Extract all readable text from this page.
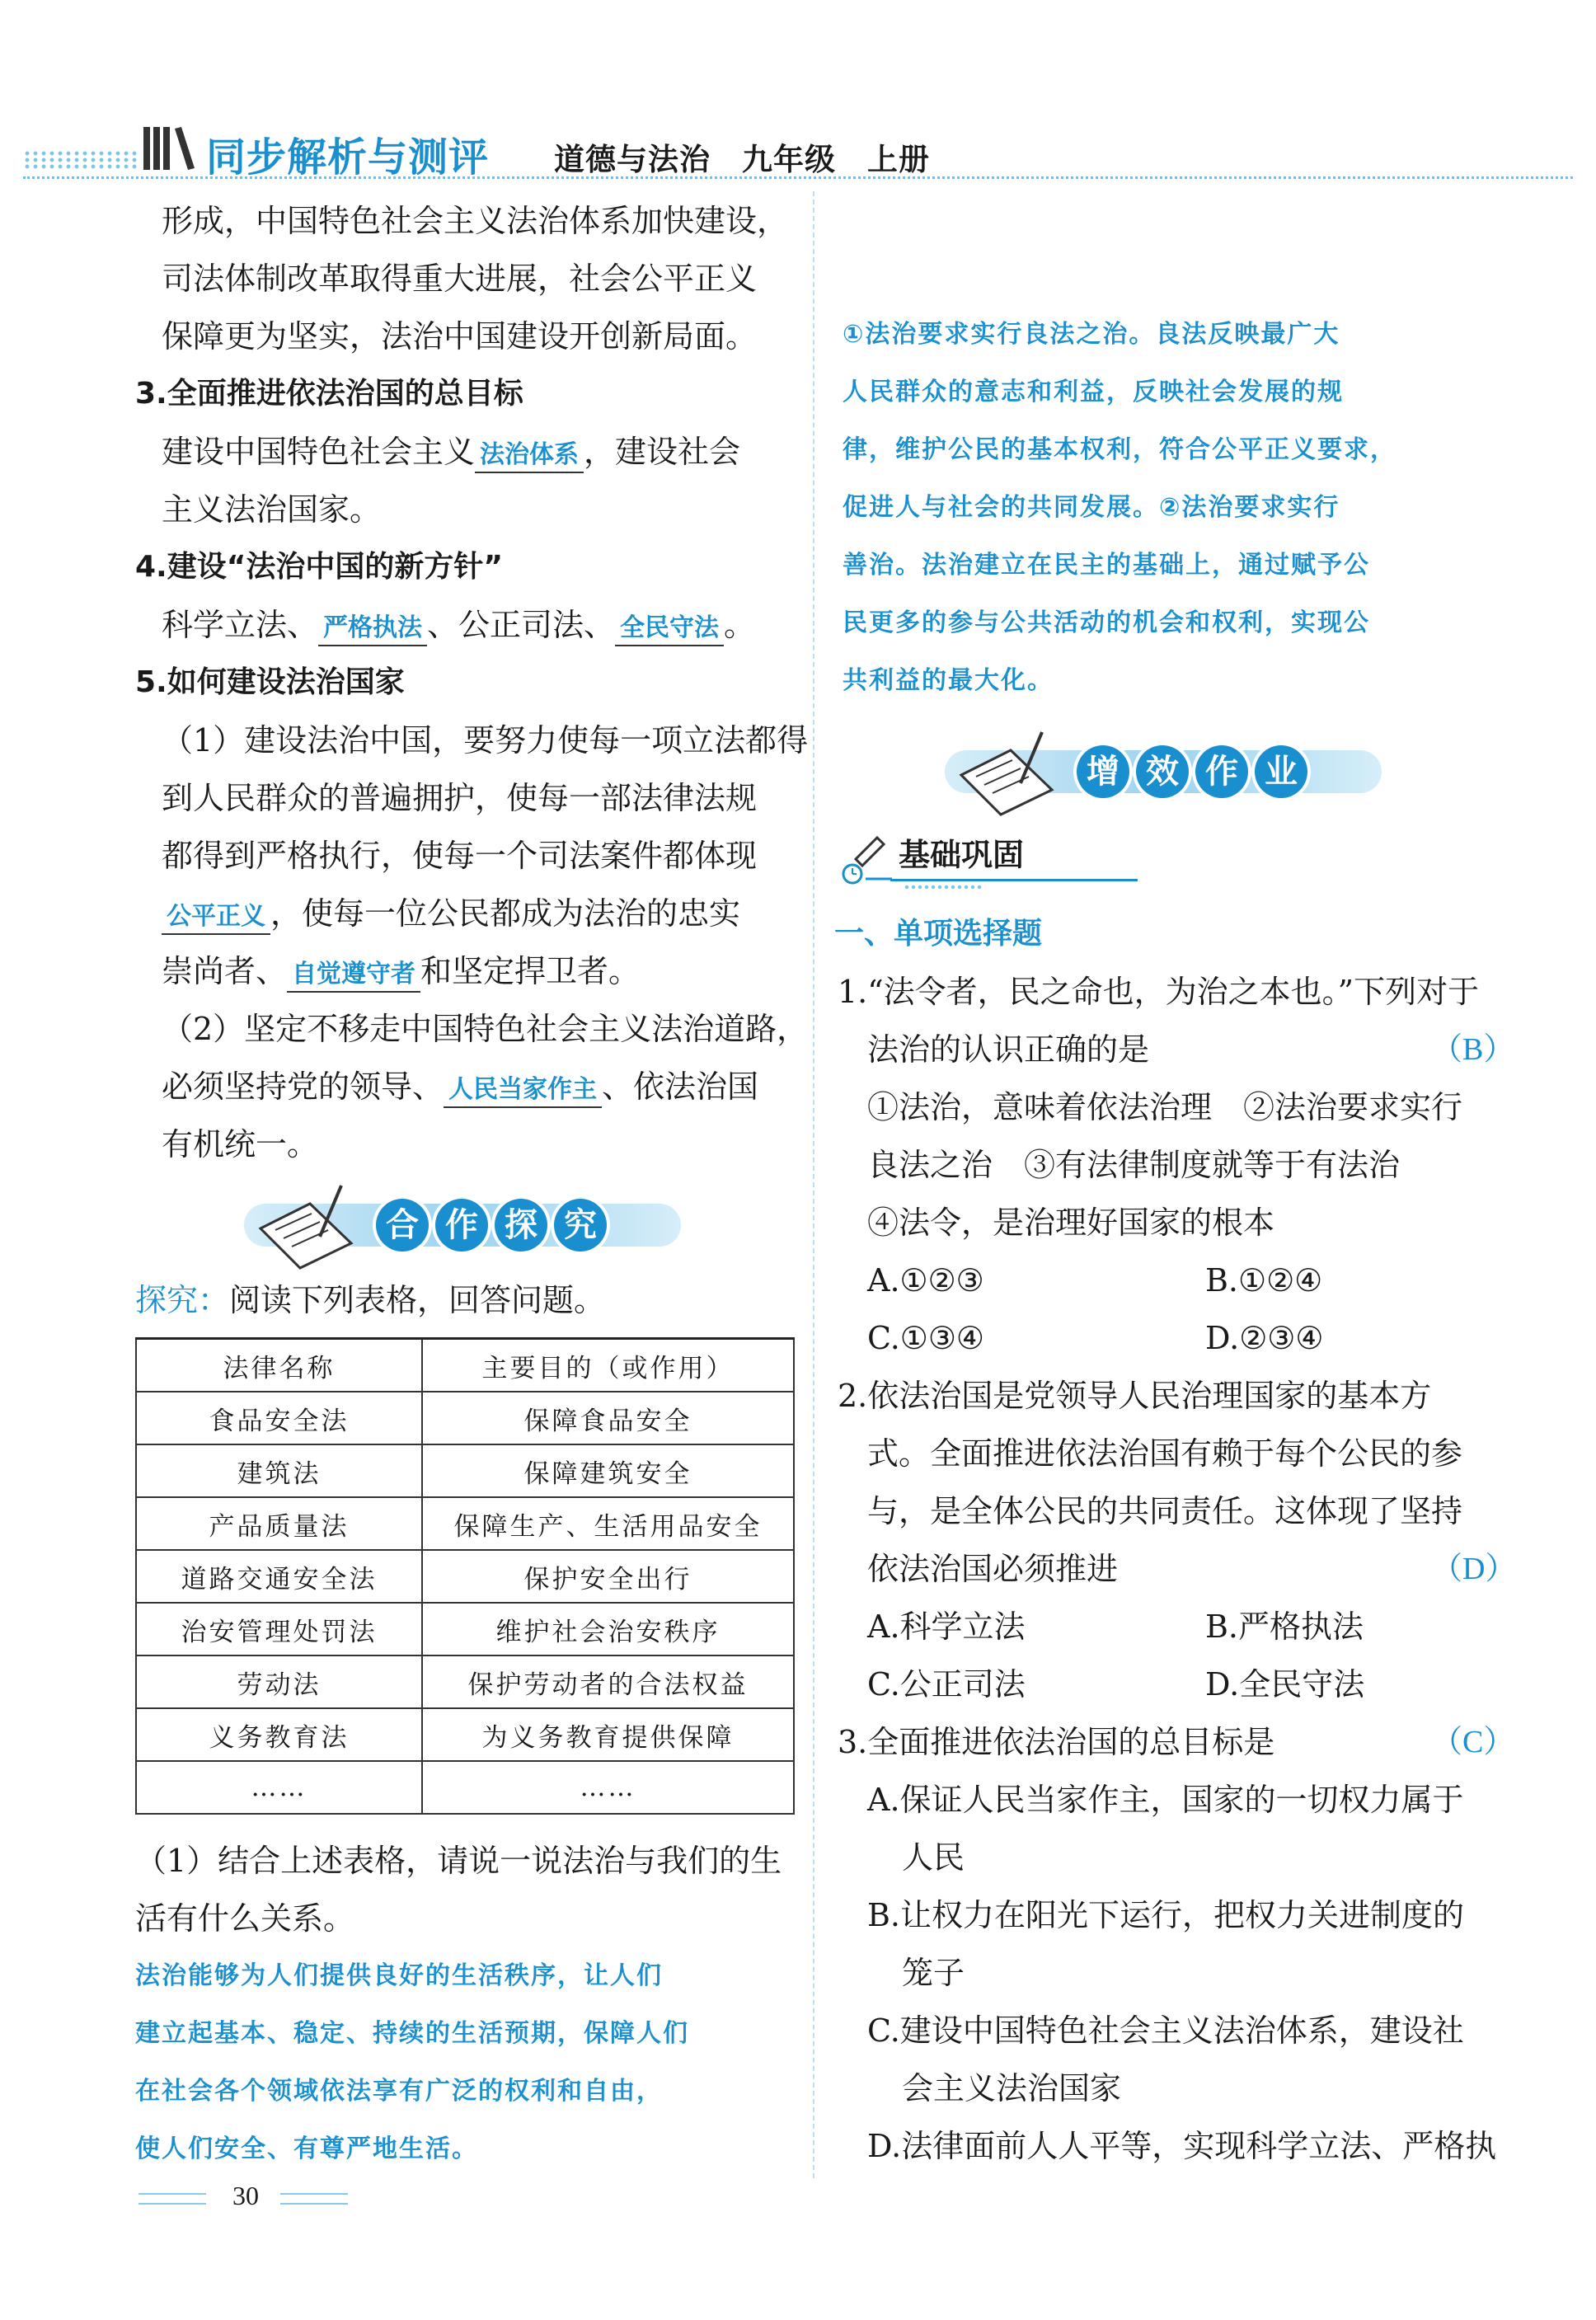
同步解析与测评 道德与法治　九年级　上册
形成，中国特色社会主义法治体系加快建设，
司法体制改革取得重大进展，社会公平正义
保障更为坚实，法治中国建设开创新局面。
3.全面推进依法治国的总目标
建设中国特色社会主义 法治体系 ，建设社会
主义法治国家。
4.建设“法治中国的新方针”
科学立法、 严格执法 、公正司法、 全民守法 。
5.如何建设法治国家
（1）建设法治中国，要努力使每一项立法都得
到人民群众的普遍拥护，使每一部法律法规
都得到严格执行，使每一个司法案件都体现
公平正义 ，使每一位公民都成为法治的忠实
崇尚者、 自觉遵守者 和坚定捍卫者。
（2）坚定不移走中国特色社会主义法治道路，
必须坚持党的领导、 人民当家作主 、依法治国
有机统一。
合 作 探 究
探究：阅读下列表格，回答问题。
法律名称	主要目的（或作用）
食品安全法	保障食品安全
建筑法	保障建筑安全
产品质量法	保障生产、生活用品安全
道路交通安全法	保护安全出行
治安管理处罚法	维护社会治安秩序
劳动法	保护劳动者的合法权益
义务教育法	为义务教育提供保障
……	……
（1）结合上述表格，请说一说法治与我们的生
活有什么关系。
法治能够为人们提供良好的生活秩序，让人们
建立起基本、稳定、持续的生活预期，保障人们
在社会各个领域依法享有广泛的权利和自由，
使人们安全、有尊严地生活。
①法治要求实行良法之治。良法反映最广大
人民群众的意志和利益，反映社会发展的规
律，维护公民的基本权利，符合公平正义要求，
促进人与社会的共同发展。②法治要求实行
善治。法治建立在民主的基础上，通过赋予公
民更多的参与公共活动的机会和权利，实现公
共利益的最大化。
增 效 作 业
基础巩固
一、单项选择题
1.“法令者，民之命也，为治之本也。”下列对于
法治的认识正确的是	（B）
①法治，意味着依法治理　②法治要求实行
良法之治　③有法律制度就等于有法治
④法令，是治理好国家的根本
A.①②③	B.①②④
C.①③④	D.②③④
2.依法治国是党领导人民治理国家的基本方
式。全面推进依法治国有赖于每个公民的参
与，是全体公民的共同责任。这体现了坚持
依法治国必须推进	（D）
A.科学立法	B.严格执法
C.公正司法	D.全民守法
3.全面推进依法治国的总目标是	（C）
A.保证人民当家作主，国家的一切权力属于
人民
B.让权力在阳光下运行，把权力关进制度的
笼子
C.建设中国特色社会主义法治体系，建设社
会主义法治国家
D.法律面前人人平等，实现科学立法、严格执
30
